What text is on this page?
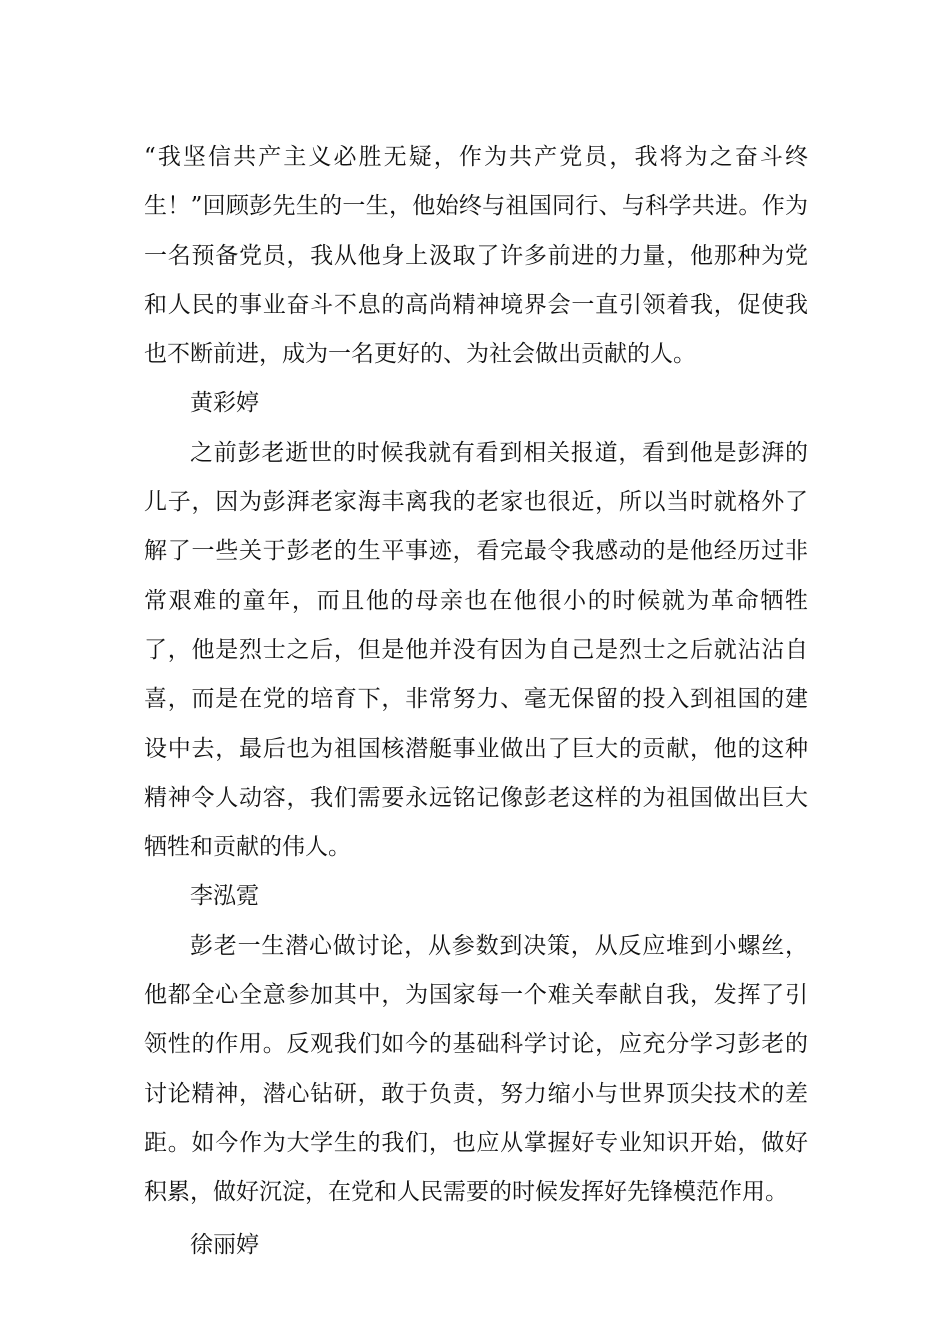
“我坚信共产主义必胜无疑，作为共产党员，我将为之奋斗终生！”回顾彭先生的一生，他始终与祖国同行、与科学共进。作为一名预备党员，我从他身上汲取了许多前进的力量，他那种为党和人民的事业奋斗不息的高尚精神境界会一直引领着我，促使我也不断前进，成为一名更好的、为社会做出贡献的人。

黄彩婷

之前彭老逝世的时候我就有看到相关报道，看到他是彭湃的儿子，因为彭湃老家海丰离我的老家也很近，所以当时就格外了解了一些关于彭老的生平事迹，看完最令我感动的是他经历过非常艰难的童年，而且他的母亲也在他很小的时候就为革命牺牲了，他是烈士之后，但是他并没有因为自己是烈士之后就沾沾自喜，而是在党的培育下，非常努力、毫无保留的投入到祖国的建设中去，最后也为祖国核潜艇事业做出了巨大的贡献，他的这种精神令人动容，我们需要永远铭记像彭老这样的为祖国做出巨大牺牲和贡献的伟人。

李泓霓

彭老一生潜心做讨论，从参数到决策，从反应堆到小螺丝，他都全心全意参加其中，为国家每一个难关奉献自我，发挥了引领性的作用。反观我们如今的基础科学讨论，应充分学习彭老的讨论精神，潜心钻研，敢于负责，努力缩小与世界顶尖技术的差距。如今作为大学生的我们，也应从掌握好专业知识开始，做好积累，做好沉淀，在党和人民需要的时候发挥好先锋模范作用。

徐丽婷
